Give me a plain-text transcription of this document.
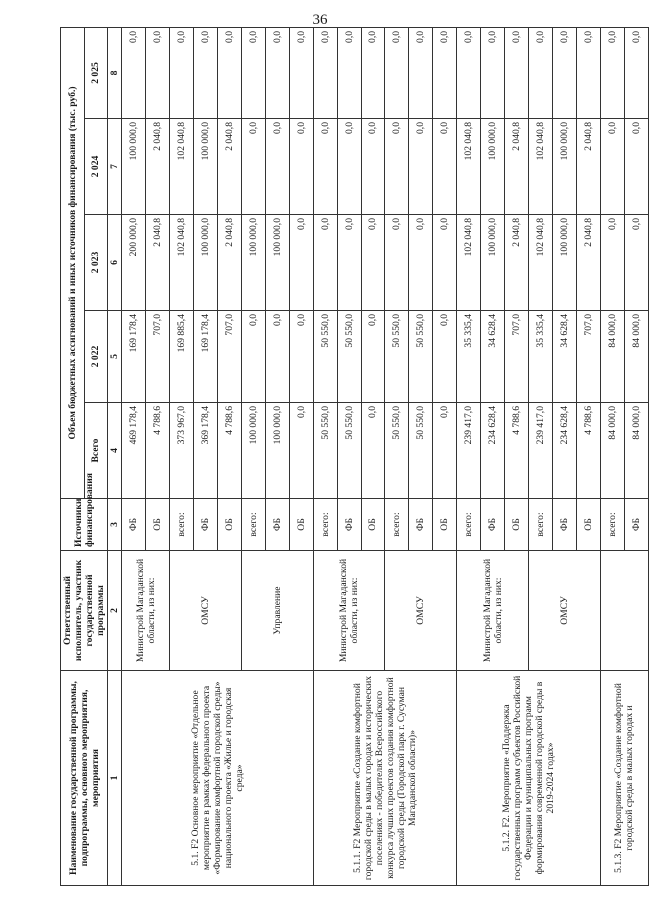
36
Наименование государственной программы, подпрограммы, основного мероприятия, мероприятия	Ответственный исполнитель, участник государственной программы	Источники финансирования	Объем бюджетных ассигнований и иных источников финансирования (тыс. руб.)				
			Всего	2 022	2 023	2 024	2 025
1	2	3	4	5	6	7	8
5.1. F2 Основное мероприятие «Отдельное мероприятие в рамках федерального проекта «Формирование комфортной городской среды» национального проекта «Жилье и городская среда»	Министрой Магаданской области, из них:	ФБ	469 178,4	169 178,4	200 000,0	100 000,0	0,0
		ОБ	4 788,6	707,0	2 040,8	2 040,8	0,0
	ОМСУ	всего:	373 967,0	169 885,4	102 040,8	102 040,8	0,0
		ФБ	369 178,4	169 178,4	100 000,0	100 000,0	0,0
		ОБ	4 788,6	707,0	2 040,8	2 040,8	0,0
	Управление	всего:	100 000,0	0,0	100 000,0	0,0	0,0
		ФБ	100 000,0	0,0	100 000,0	0,0	0,0
		ОБ	0,0	0,0	0,0	0,0	0,0
5.1.1. F2 Мероприятие «Создание комфортной городской среды в малых городах и исторических поселениях - победителях Всероссийского конкурса лучших проектов создания комфортной городской среды (Городской парк г. Сусуман Магаданской области)»	Министрой Магаданской области, из них:	всего:	50 550,0	50 550,0	0,0	0,0	0,0
		ФБ	50 550,0	50 550,0	0,0	0,0	0,0
		ОБ	0,0	0,0	0,0	0,0	0,0
	ОМСУ	всего:	50 550,0	50 550,0	0,0	0,0	0,0
		ФБ	50 550,0	50 550,0	0,0	0,0	0,0
		ОБ	0,0	0,0	0,0	0,0	0,0
5.1.2. F2. Мероприятие «Поддержка государственных программ субъектов Российской Федерации и муниципальных программ формирования современной городской среды в 2019-2024 годах»	Министрой Магаданской области, из них:	всего:	239 417,0	35 335,4	102 040,8	102 040,8	0,0
		ФБ	234 628,4	34 628,4	100 000,0	100 000,0	0,0
		ОБ	4 788,6	707,0	2 040,8	2 040,8	0,0
	ОМСУ	всего:	239 417,0	35 335,4	102 040,8	102 040,8	0,0
		ФБ	234 628,4	34 628,4	100 000,0	100 000,0	0,0
		ОБ	4 788,6	707,0	2 040,8	2 040,8	0,0
5.1.3. F2 Мероприятие «Создание комфортной городской среды в малых городах и		всего:	84 000,0	84 000,0	0,0	0,0	0,0
		ФБ	84 000,0	84 000,0	0,0	0,0	0,0
